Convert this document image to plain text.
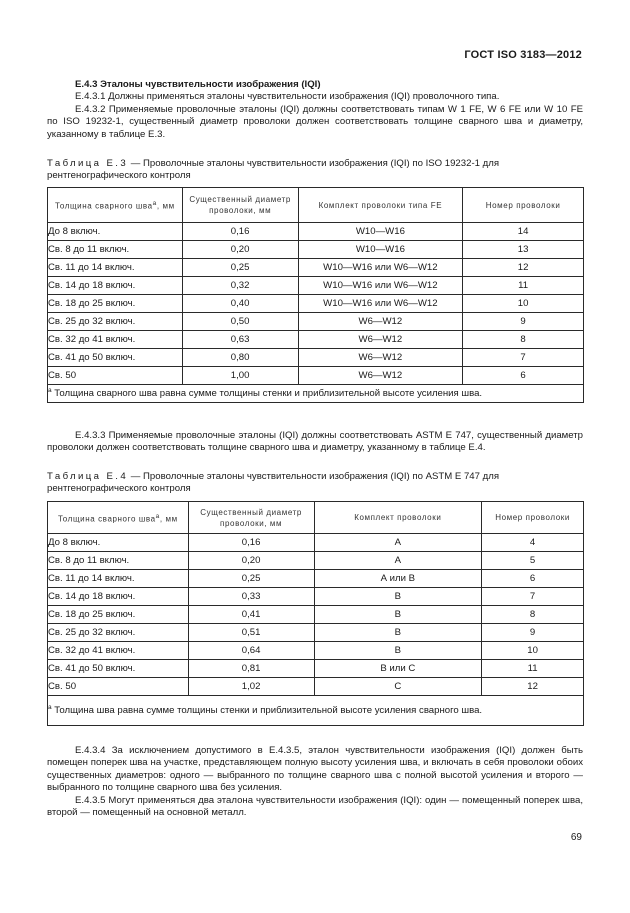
ГОСТ ISO 3183—2012

Е.4.3 Эталоны чувствительности изображения (IQI)

Е.4.3.1 Должны применяться эталоны чувствительности изображения (IQI) проволочного типа.

Е.4.3.2 Применяемые проволочные эталоны (IQI) должны соответствовать типам W 1 FE, W 6 FE или W 10 FE по ISO 19232-1, существенный диаметр проволоки должен соответствовать толщине сварного шва и диаметру, указанному в таблице Е.3.

Таблица Е.3 — Проволочные эталоны чувствительности изображения (IQI) по ISO 19232-1 для рентгенографического контроля
Толщина сварного шва$^а$, мм	Существенный диаметр проволоки, мм	Комплект проволоки типа FE	Номер проволоки
До 8 включ.	0,16	W10—W16	14
Св. 8 до 11 включ.	0,20	W10—W16	13
Св. 11 до 14 включ.	0,25	W10—W16 или W6—W12	12
Св. 14 до 18 включ.	0,32	W10—W16 или W6—W12	11
Св. 18 до 25 включ.	0,40	W10—W16 или W6—W12	10
Св. 25 до 32 включ.	0,50	W6—W12	9
Св. 32 до 41 включ.	0,63	W6—W12	8
Св. 41 до 50 включ.	0,80	W6—W12	7
Св. 50	1,00	W6—W12	6
$^а$ Толщина сварного шва равна сумме толщины стенки и приблизительной высоте усиления шва.			

Е.4.3.3 Применяемые проволочные эталоны (IQI) должны соответствовать ASTM E 747, существенный диаметр проволоки должен соответствовать толщине сварного шва и диаметру, указанному в таблице Е.4.

Таблица Е.4 — Проволочные эталоны чувствительности изображения (IQI) по ASTM E 747 для рентгенографического контроля
Толщина сварного шва$^а$, мм	Существенный диаметр проволоки, мм	Комплект проволоки	Номер проволоки
До 8 включ.	0,16	А	4
Св. 8 до 11 включ.	0,20	А	5
Св. 11 до 14 включ.	0,25	А или В	6
Св. 14 до 18 включ.	0,33	В	7
Св. 18 до 25 включ.	0,41	В	8
Св. 25 до 32 включ.	0,51	В	9
Св. 32 до 41 включ.	0,64	В	10
Св. 41 до 50 включ.	0,81	В или С	11
Св. 50	1,02	С	12
$^а$ Толщина шва равна сумме толщины стенки и приблизительной высоте усиления сварного шва.			

Е.4.3.4 За исключением допустимого в Е.4.3.5, эталон чувствительности изображения (IQI) должен быть помещен поперек шва на участке, представляющем полную высоту усиления шва, и включать в себя проволоки обоих существенных диаметров: одного — выбранного по толщине сварного шва с полной высотой усиления и второго — выбранного по толщине сварного шва без усиления.

Е.4.3.5 Могут применяться два эталона чувствительности изображения (IQI): один — помещенный поперек шва, второй — помещенный на основной металл.

69
